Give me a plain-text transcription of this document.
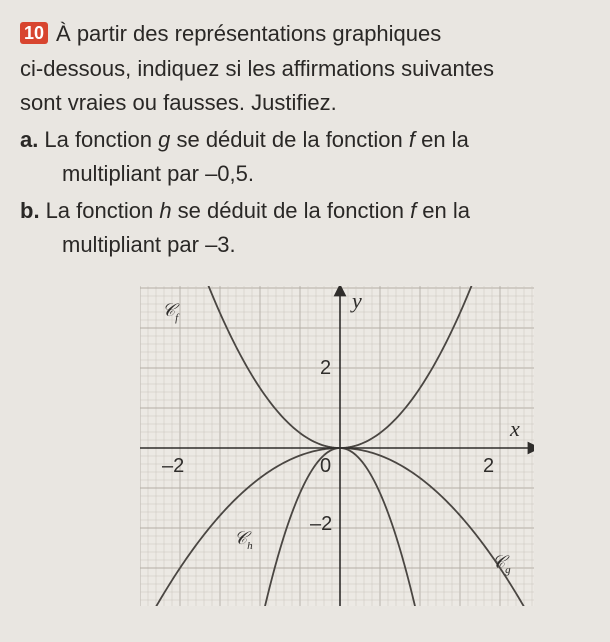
10 À partir des représentations graphiques
ci-dessous, indiquez si les affirmations suivantes
sont vraies ou fausses. Justifiez.
a. La fonction g se déduit de la fonction f en la
multipliant par –0,5.
b. La fonction h se déduit de la fonction f en la
multipliant par –3.
y
x
–2	0	2
2
–2
𝒞$_f$
𝒞$_h$
𝒞$_g$
